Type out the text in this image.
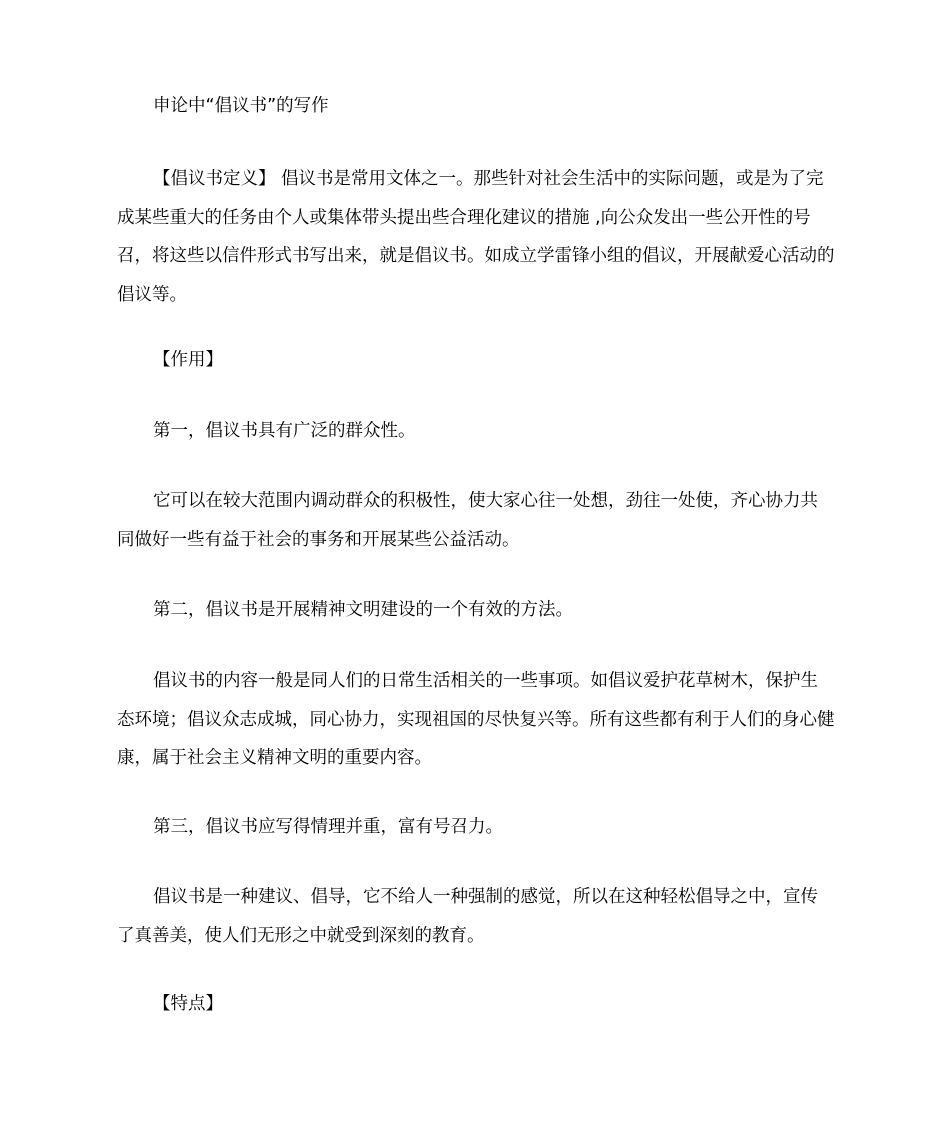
申论中“倡议书”的写作

【倡议书定义】 倡议书是常用文体之一。那些针对社会生活中的实际问题，或是为了完成某些重大的任务由个人或集体带头提出些合理化建议的措施 ,向公众发出一些公开性的号召，将这些以信件形式书写出来，就是倡议书。如成立学雷锋小组的倡议，开展献爱心活动的倡议等。

【作用】

第一，倡议书具有广泛的群众性。

它可以在较大范围内调动群众的积极性，使大家心往一处想，劲往一处使，齐心协力共同做好一些有益于社会的事务和开展某些公益活动。

第二，倡议书是开展精神文明建设的一个有效的方法。

倡议书的内容一般是同人们的日常生活相关的一些事项。如倡议爱护花草树木，保护生态环境；倡议众志成城，同心协力，实现祖国的尽快复兴等。所有这些都有利于人们的身心健康，属于社会主义精神文明的重要内容。

第三，倡议书应写得情理并重，富有号召力。

倡议书是一种建议、倡导，它不给人一种强制的感觉，所以在这种轻松倡导之中，宣传了真善美，使人们无形之中就受到深刻的教育。

【特点】
